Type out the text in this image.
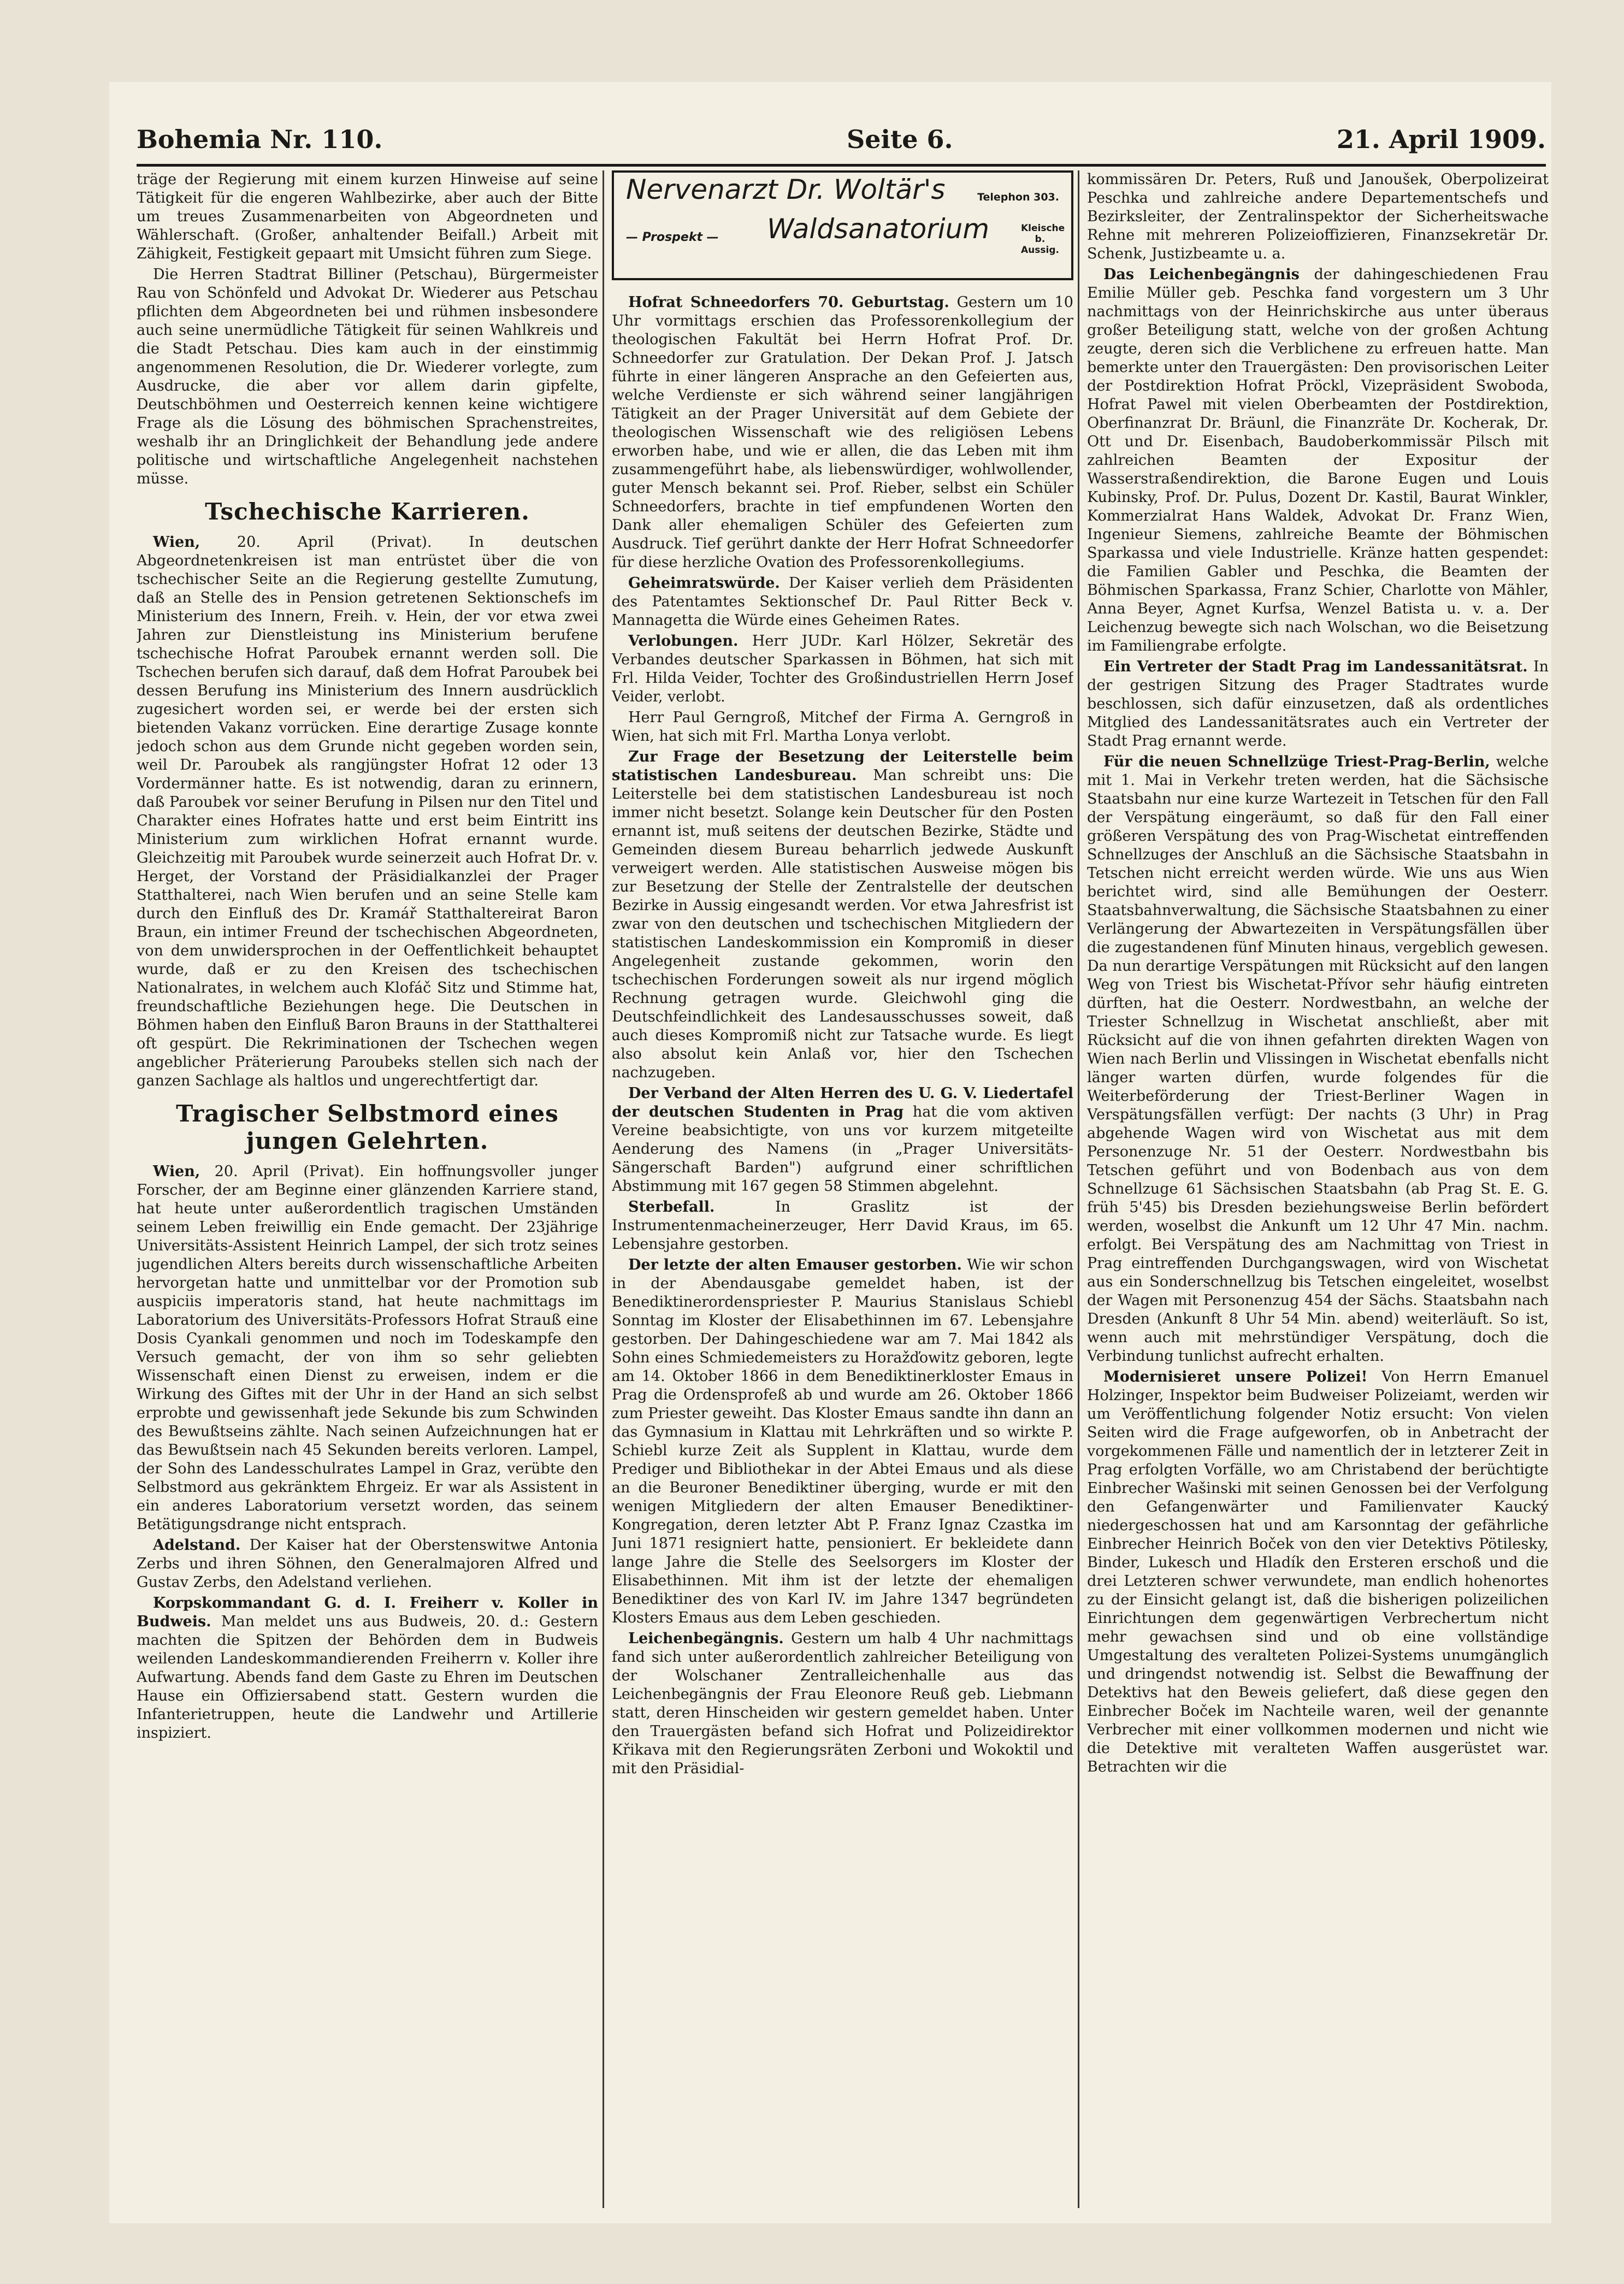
Bohemia Nr. 110.	Seite 6.	21. April 1909.

träge der Regierung mit einem kurzen Hinweise auf seine Tätigkeit für die engeren Wahlbezirke, aber auch der Bitte um treues Zusammenarbeiten von Abgeordneten und Wählerschaft. (Großer, anhaltender Beifall.) Arbeit mit Zähigkeit, Festigkeit gepaart mit Umsicht führen zum Siege.

Die Herren Stadtrat Billiner (Petschau), Bürgermeister Rau von Schönfeld und Advokat Dr. Wiederer aus Petschau pflichten dem Abgeordneten bei und rühmen insbesondere auch seine unermüdliche Tätigkeit für seinen Wahlkreis und die Stadt Petschau. Dies kam auch in der einstimmig angenommenen Resolution, die Dr. Wiederer vorlegte, zum Ausdrucke, die aber vor allem darin gipfelte, Deutschböhmen und Oesterreich kennen keine wichtigere Frage als die Lösung des böhmischen Sprachenstreites, weshalb ihr an Dringlichkeit der Behandlung jede andere politische und wirtschaftliche Angelegenheit nachstehen müsse.

Tschechische Karrieren.

Wien,	20. April (Privat). In deutschen Abgeordnetenkreisen ist man entrüstet über die von tschechischer Seite an die Regierung gestellte Zumutung, daß an Stelle des in Pension getretenen Sektionschefs im Ministerium des Innern, Freih. v. Hein, der vor etwa zwei Jahren zur Dienstleistung ins Ministerium berufene tschechische Hofrat Paroubek ernannt werden soll. Die Tschechen berufen sich darauf, daß dem Hofrat Paroubek bei dessen Berufung ins Ministerium des Innern ausdrücklich zugesichert worden sei, er werde bei der ersten sich bietenden Vakanz vorrücken. Eine derartige Zusage konnte jedoch schon aus dem Grunde nicht gegeben worden sein, weil Dr. Paroubek als rangjüngster Hofrat 12 oder 13 Vordermänner hatte. Es ist notwendig, daran zu erinnern, daß Paroubek vor seiner Berufung in Pilsen nur den Titel und Charakter eines Hofrates hatte und erst beim Eintritt ins Ministerium zum wirklichen Hofrat ernannt wurde. Gleichzeitig mit Paroubek wurde seinerzeit auch Hofrat Dr. v. Herget, der Vorstand der Präsidialkanzlei der Prager Statthalterei, nach Wien berufen und an seine Stelle kam durch den Einfluß des Dr. Kramář Statthaltereirat Baron Braun, ein intimer Freund der tschechischen Abgeordneten, von dem unwidersprochen in der Oeffentlichkeit behauptet wurde, daß er zu den Kreisen des tschechischen Nationalrates, in welchem auch Klofáč Sitz und Stimme hat, freundschaftliche Beziehungen hege. Die Deutschen in Böhmen haben den Einfluß Baron Brauns in der Statthalterei oft gespürt. Die Rekriminationen der Tschechen wegen angeblicher Präterierung Paroubeks stellen sich nach der ganzen Sachlage als haltlos und ungerechtfertigt dar.

Tragischer Selbstmord eines jungen Gelehrten.

Wien, 20. April (Privat). Ein hoffnungsvoller junger Forscher, der am Beginne einer glänzenden Karriere stand, hat heute unter außerordentlich tragischen Umständen seinem Leben freiwillig ein Ende gemacht. Der 23jährige Universitäts-Assistent Heinrich Lampel, der sich trotz seines jugendlichen Alters bereits durch wissenschaftliche Arbeiten hervorgetan hatte und unmittelbar vor der Promotion sub auspiciis imperatoris stand, hat heute nachmittags im Laboratorium des Universitäts-Professors Hofrat Strauß eine Dosis Cyankali genommen und noch im Todeskampfe den Versuch gemacht, der von ihm so sehr geliebten Wissenschaft einen Dienst zu erweisen, indem er die Wirkung des Giftes mit der Uhr in der Hand an sich selbst erprobte und gewissenhaft jede Sekunde bis zum Schwinden des Bewußtseins zählte. Nach seinen Aufzeichnungen hat er das Bewußtsein nach 45 Sekunden bereits verloren. Lampel, der Sohn des Landesschulrates Lampel in Graz, verübte den Selbstmord aus gekränktem Ehrgeiz. Er war als Assistent in ein anderes Laboratorium versetzt worden, das seinem Betätigungsdrange nicht entsprach.

Adelstand. Der Kaiser hat der Oberstenswitwe Antonia Zerbs und ihren Söhnen, den Generalmajoren Alfred und Gustav Zerbs, den Adelstand verliehen.

Korpskommandant G. d. I. Freiherr v. Koller in Budweis. Man meldet uns aus Budweis, 20. d.: Gestern machten die Spitzen der Behörden dem in Budweis weilenden Landeskommandierenden Freiherrn v. Koller ihre Aufwartung. Abends fand dem Gaste zu Ehren im Deutschen Hause ein Offiziersabend statt. Gestern wurden die Infanterietruppen, heute die Landwehr und Artillerie inspiziert.

Nervenarzt Dr. Woltär's	Telephon 303.
— Prospekt — Waldsanatorium	Kleische b. Aussig.

Hofrat Schneedorfers 70. Geburtstag. Gestern um 10 Uhr vormittags erschien das Professorenkollegium der theologischen Fakultät bei Herrn Hofrat Prof. Dr. Schneedorfer zur Gratulation. Der Dekan Prof. J. Jatsch führte in einer längeren Ansprache an den Gefeierten aus, welche Verdienste er sich während seiner langjährigen Tätigkeit an der Prager Universität auf dem Gebiete der theologischen Wissenschaft wie des religiösen Lebens erworben habe, und wie er allen, die das Leben mit ihm zusammengeführt habe, als liebenswürdiger, wohlwollender, guter Mensch bekannt sei. Prof. Rieber, selbst ein Schüler Schneedorfers, brachte in tief empfundenen Worten den Dank aller ehemaligen Schüler des Gefeierten zum Ausdruck. Tief gerührt dankte der Herr Hofrat Schneedorfer für diese herzliche Ovation des Professorenkollegiums.

Geheimratswürde. Der Kaiser verlieh dem Präsidenten des Patentamtes Sektionschef Dr. Paul Ritter Beck v. Mannagetta die Würde eines Geheimen Rates.

Verlobungen. Herr JUDr. Karl Hölzer, Sekretär des Verbandes deutscher Sparkassen in Böhmen, hat sich mit Frl. Hilda Veider, Tochter des Großindustriellen Herrn Josef Veider, verlobt.

Herr Paul Gerngroß, Mitchef der Firma A. Gerngroß in Wien, hat sich mit Frl. Martha Lonya verlobt.

Zur Frage der Besetzung der Leiterstelle beim statistischen Landesbureau. Man schreibt uns: Die Leiterstelle bei dem statistischen Landesbureau ist noch immer nicht besetzt. Solange kein Deutscher für den Posten ernannt ist, muß seitens der deutschen Bezirke, Städte und Gemeinden diesem Bureau beharrlich jedwede Auskunft verweigert werden. Alle statistischen Ausweise mögen bis zur Besetzung der Stelle der Zentralstelle der deutschen Bezirke in Aussig eingesandt werden. Vor etwa Jahresfrist ist zwar von den deutschen und tschechischen Mitgliedern der statistischen Landeskommission ein Kompromiß in dieser Angelegenheit zustande gekommen, worin den tschechischen Forderungen soweit als nur irgend möglich Rechnung getragen wurde. Gleichwohl ging die Deutschfeindlichkeit des Landesausschusses soweit, daß auch dieses Kompromiß nicht zur Tatsache wurde. Es liegt also absolut kein Anlaß vor, hier den Tschechen nachzugeben.

Der Verband der Alten Herren des U. G. V. Liedertafel der deutschen Studenten in Prag hat die vom aktiven Vereine beabsichtigte, von uns vor kurzem mitgeteilte Aenderung des Namens (in „Prager Universitäts-Sängerschaft Barden") aufgrund einer schriftlichen Abstimmung mit 167 gegen 58 Stimmen abgelehnt.

Sterbefall.	In Graslitz ist der Instrumentenmacheinerzeuger, Herr David Kraus, im 65. Lebensjahre gestorben.

Der letzte der alten Emauser gestorben. Wie wir schon in der Abendausgabe gemeldet haben, ist der Benediktinerordenspriester P. Maurius Stanislaus Schiebl Sonntag im Kloster der Elisabethinnen im 67. Lebensjahre gestorben. Der Dahingeschiedene war am 7. Mai 1842 als Sohn eines Schmiedemeisters zu Horažďowitz geboren, legte am 14. Oktober 1866 in dem Benediktinerkloster Emaus in Prag die Ordensprofeß ab und wurde am 26. Oktober 1866 zum Priester geweiht. Das Kloster Emaus sandte ihn dann an das Gymnasium in Klattau mit Lehrkräften und so wirkte P. Schiebl kurze Zeit als Supplent in Klattau, wurde dem Prediger und Bibliothekar in der Abtei Emaus und als diese an die Beuroner Benediktiner überging, wurde er mit den wenigen Mitgliedern der alten Emauser Benediktiner-Kongregation, deren letzter Abt P. Franz Ignaz Czastka im Juni 1871 resigniert hatte, pensioniert. Er bekleidete dann lange Jahre die Stelle des Seelsorgers im Kloster der Elisabethinnen. Mit ihm ist der letzte der ehemaligen Benediktiner des von Karl IV. im Jahre 1347 begründeten Klosters Emaus aus dem Leben geschieden.

Leichenbegängnis. Gestern um halb 4 Uhr nachmittags fand sich unter außerordentlich zahlreicher Beteiligung von der Wolschaner Zentralleichenhalle aus das Leichenbegängnis der Frau Eleonore Reuß geb. Liebmann statt, deren Hinscheiden wir gestern gemeldet haben. Unter den Trauergästen befand sich Hofrat und Polizeidirektor Křikava mit den Regierungsräten Zerboni und Wokoktil und mit den Präsidial-

kommissären Dr. Peters, Ruß und Janoušek, Oberpolizeirat Peschka und zahlreiche andere Departementschefs und Bezirksleiter, der Zentralinspektor der Sicherheitswache Rehne mit mehreren Polizeioffizieren, Finanzsekretär Dr. Schenk, Justizbeamte u. a.

Das Leichenbegängnis der dahingeschiedenen Frau Emilie Müller geb. Peschka fand vorgestern um 3 Uhr nachmittags von der Heinrichskirche aus unter überaus großer Beteiligung statt, welche von der großen Achtung zeugte, deren sich die Verblichene zu erfreuen hatte. Man bemerkte unter den Trauergästen: Den provisorischen Leiter der Postdirektion Hofrat Pröckl, Vizepräsident Swoboda, Hofrat Pawel mit vielen Oberbeamten der Postdirektion, Oberfinanzrat Dr. Bräunl, die Finanzräte Dr. Kocherak, Dr. Ott und Dr. Eisenbach, Baudoberkommissär Pilsch mit zahlreichen Beamten der Expositur der Wasserstraßendirektion, die Barone Eugen und Louis Kubinsky, Prof. Dr. Pulus, Dozent Dr. Kastil, Baurat Winkler, Kommerzialrat Hans Waldek, Advokat Dr. Franz Wien, Ingenieur Siemens, zahlreiche Beamte der Böhmischen Sparkassa und viele Industrielle. Kränze hatten gespendet: die Familien Gabler und Peschka, die Beamten der Böhmischen Sparkassa, Franz Schier, Charlotte von Mähler, Anna Beyer, Agnet Kurfsa, Wenzel Batista u. v. a. Der Leichenzug bewegte sich nach Wolschan, wo die Beisetzung im Familiengrabe erfolgte.

Ein Vertreter der Stadt Prag im Landessanitätsrat. In der gestrigen Sitzung des Prager Stadtrates wurde beschlossen, sich dafür einzusetzen, daß als ordentliches Mitglied des Landessanitätsrates auch ein Vertreter der Stadt Prag ernannt werde.

Für die neuen Schnellzüge Triest-Prag-Berlin, welche mit 1. Mai in Verkehr treten werden, hat die Sächsische Staatsbahn nur eine kurze Wartezeit in Tetschen für den Fall der Verspätung eingeräumt, so daß für den Fall einer größeren Verspätung des von Prag-Wischetat eintreffenden Schnellzuges der Anschluß an die Sächsische Staatsbahn in Tetschen nicht erreicht werden würde. Wie uns aus Wien berichtet wird, sind alle Bemühungen der Oesterr. Staatsbahnverwaltung, die Sächsische Staatsbahnen zu einer Verlängerung der Abwartezeiten in Verspätungsfällen über die zugestandenen fünf Minuten hinaus, vergeblich gewesen. Da nun derartige Verspätungen mit Rücksicht auf den langen Weg von Triest bis Wischetat-Přívor sehr häufig eintreten dürften, hat die Oesterr. Nordwestbahn, an welche der Triester Schnellzug in Wischetat anschließt, aber mit Rücksicht auf die von ihnen gefahrten direkten Wagen von Wien nach Berlin und Vlissingen in Wischetat ebenfalls nicht länger warten dürfen, wurde folgendes für die Weiterbeförderung der Triest-Berliner Wagen in Verspätungsfällen verfügt: Der nachts (3 Uhr) in Prag abgehende Wagen wird von Wischetat aus mit dem Personenzuge Nr. 51 der Oesterr. Nordwestbahn bis Tetschen geführt und von Bodenbach aus von dem Schnellzuge 61 Sächsischen Staatsbahn (ab Prag St. E. G. früh 5'45) bis Dresden beziehungsweise Berlin befördert werden, woselbst die Ankunft um 12 Uhr 47 Min. nachm. erfolgt. Bei Verspätung des am Nachmittag von Triest in Prag eintreffenden Durchgangswagen, wird von Wischetat aus ein Sonderschnellzug bis Tetschen eingeleitet, woselbst der Wagen mit Personenzug 454 der Sächs. Staatsbahn nach Dresden (Ankunft 8 Uhr 54 Min. abend) weiterläuft. So ist, wenn auch mit mehrstündiger Verspätung, doch die Verbindung tunlichst aufrecht erhalten.

Modernisieret unsere Polizei! Von Herrn Emanuel Holzinger, Inspektor beim Budweiser Polizeiamt, werden wir um Veröffentlichung folgender Notiz ersucht: Von vielen Seiten wird die Frage aufgeworfen, ob in Anbetracht der vorgekommenen Fälle und namentlich der in letzterer Zeit in Prag erfolgten Vorfälle, wo am Christabend der berüchtigte Einbrecher Wašinski mit seinen Genossen bei der Verfolgung den Gefangenwärter und Familienvater Kaucký niedergeschossen hat und am Karsonntag der gefährliche Einbrecher Heinrich Boček von den vier Detektivs Pötilesky, Binder, Lukesch und Hladík den Ersteren erschoß und die drei Letzteren schwer verwundete, man endlich hohenortes zu der Einsicht gelangt ist, daß die bisherigen polizeilichen Einrichtungen dem gegenwärtigen Verbrechertum nicht mehr gewachsen sind und ob eine vollständige Umgestaltung des veralteten Polizei-Systems unumgänglich und dringendst notwendig ist. Selbst die Bewaffnung der Detektivs hat den Beweis geliefert, daß diese gegen den Einbrecher Boček im Nachteile waren, weil der genannte Verbrecher mit einer vollkommen modernen und nicht wie die Detektive mit veralteten Waffen ausgerüstet war. Betrachten wir die
